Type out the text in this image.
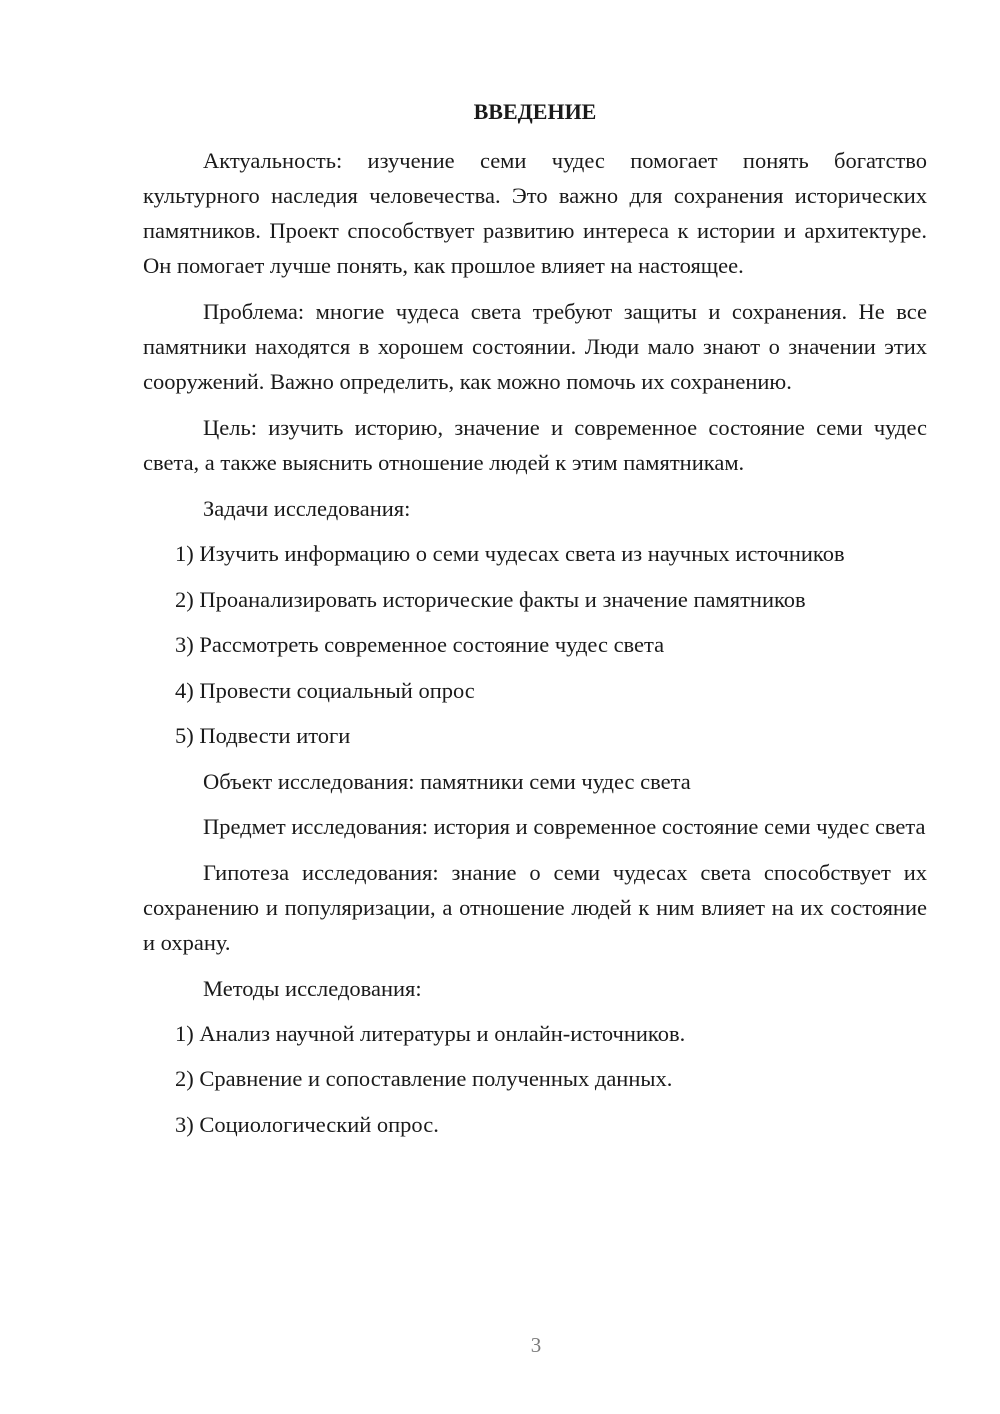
ВВЕДЕНИЕ

Актуальность: изучение семи чудес помогает понять богатство культурного наследия человечества. Это важно для сохранения исторических памятников. Проект способствует развитию интереса к истории и архитектуре. Он помогает лучше понять, как прошлое влияет на настоящее.

Проблема: многие чудеса света требуют защиты и сохранения. Не все памятники находятся в хорошем состоянии. Люди мало знают о значении этих сооружений. Важно определить, как можно помочь их сохранению.

Цель: изучить историю, значение и современное состояние семи чудес света, а также выяснить отношение людей к этим памятникам.

Задачи исследования:

1) Изучить информацию о семи чудесах света из научных источников
2) Проанализировать исторические факты и значение памятников
3) Рассмотреть современное состояние чудес света
4) Провести социальный опрос
5) Подвести итоги

Объект исследования: памятники семи чудес света

Предмет исследования: история и современное состояние семи чудес света

Гипотеза исследования: знание о семи чудесах света способствует их сохранению и популяризации, а отношение людей к ним влияет на их состояние и охрану.

Методы исследования:

1) Анализ научной литературы и онлайн-источников.
2) Сравнение и сопоставление полученных данных.
3) Социологический опрос.
3
